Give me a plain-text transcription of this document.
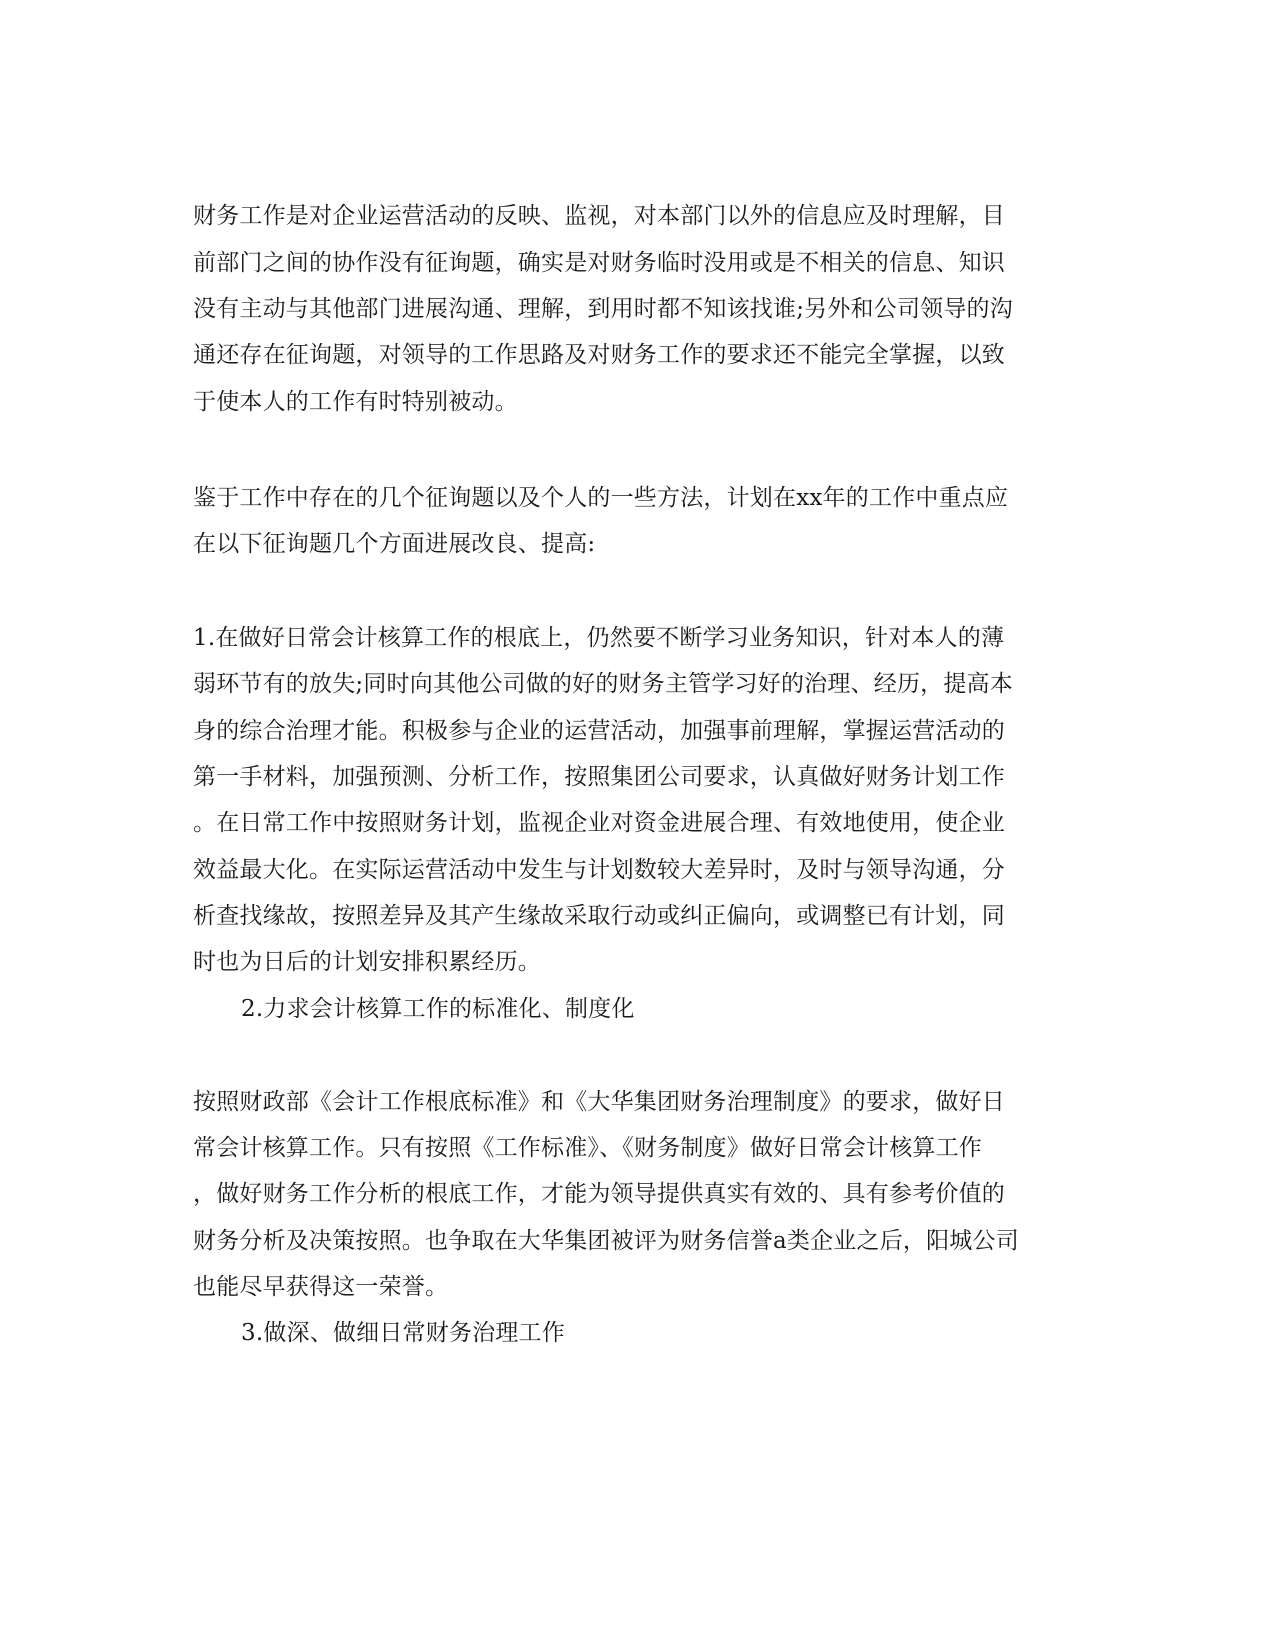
财务工作是对企业运营活动的反映、监视，对本部门以外的信息应及时理解，目
前部门之间的协作没有征询题，确实是对财务临时没用或是不相关的信息、知识
没有主动与其他部门进展沟通、理解，到用时都不知该找谁;另外和公司领导的沟
通还存在征询题，对领导的工作思路及对财务工作的要求还不能完全掌握，以致
于使本人的工作有时特别被动。
鉴于工作中存在的几个征询题以及个人的一些方法，计划在xx年的工作中重点应
在以下征询题几个方面进展改良、提高:
1.在做好日常会计核算工作的根底上，仍然要不断学习业务知识，针对本人的薄
弱环节有的放失;同时向其他公司做的好的财务主管学习好的治理、经历，提高本
身的综合治理才能。积极参与企业的运营活动，加强事前理解，掌握运营活动的
第一手材料，加强预测、分析工作，按照集团公司要求，认真做好财务计划工作
。在日常工作中按照财务计划，监视企业对资金进展合理、有效地使用，使企业
效益最大化。在实际运营活动中发生与计划数较大差异时，及时与领导沟通，分
析查找缘故，按照差异及其产生缘故采取行动或纠正偏向，或调整已有计划，同
时也为日后的计划安排积累经历。
2.力求会计核算工作的标准化、制度化
按照财政部《会计工作根底标准》和《大华集团财务治理制度》的要求，做好日
常会计核算工作。只有按照《工作标准》、《财务制度》做好日常会计核算工作
，做好财务工作分析的根底工作，才能为领导提供真实有效的、具有参考价值的
财务分析及决策按照。也争取在大华集团被评为财务信誉a类企业之后，阳城公司
也能尽早获得这一荣誉。
3.做深、做细日常财务治理工作
